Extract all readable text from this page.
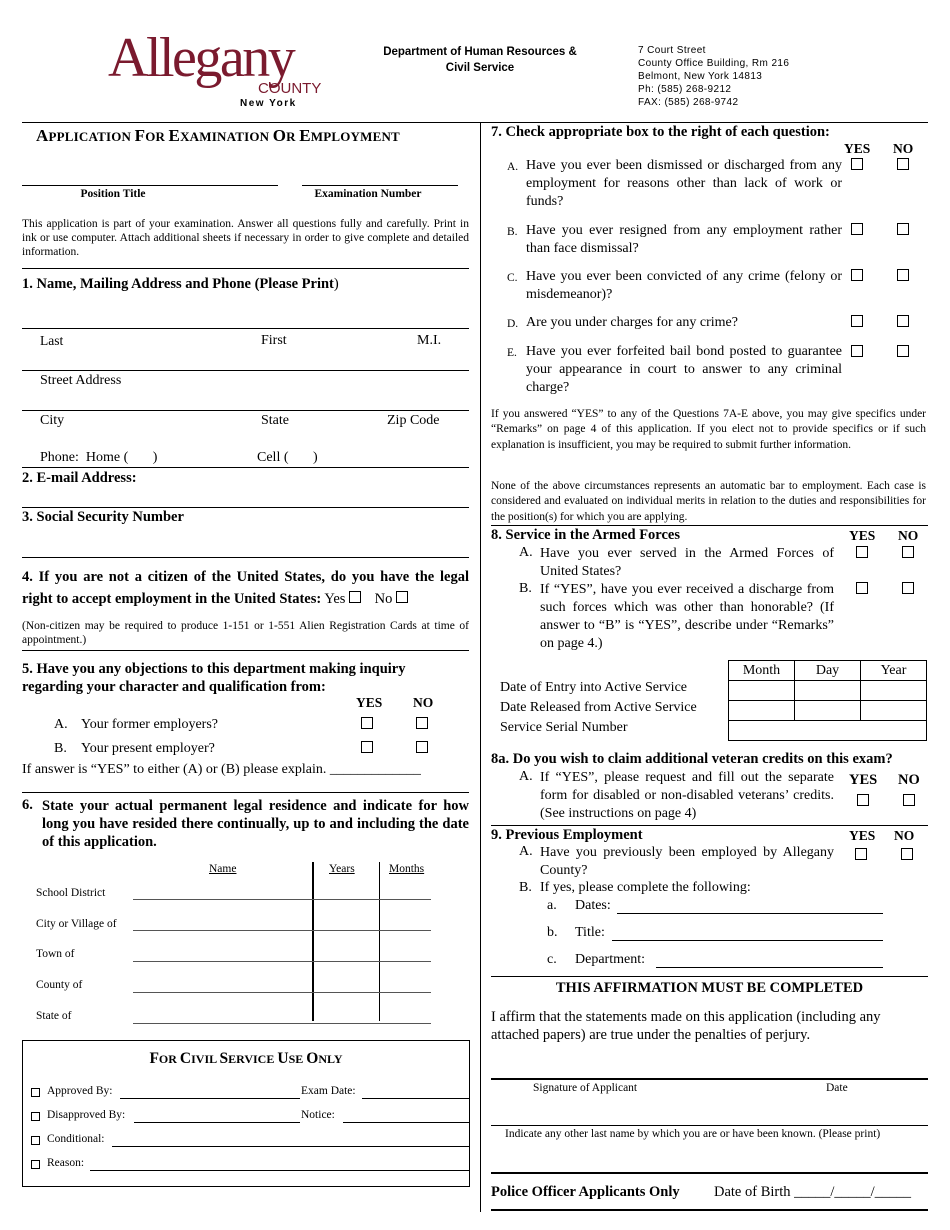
Allegany
COUNTY
New York
Department of Human Resources &
Civil Service
7 Court Street
County Office Building, Rm 216
Belmont, New York 14813
Ph: (585) 268-9212
FAX: (585) 268-9742
APPLICATION FOR EXAMINATION OR EMPLOYMENT
Position Title	Examination Number
This application is part of your examination. Answer all questions fully and carefully. Print in ink or use computer. Attach additional sheets if necessary in order to give complete and detailed information.
1. Name, Mailing Address and Phone (Please Print)
Last	First	M.I.
Street Address
City	State	Zip Code
Phone:  Home (       )	Cell (       )
2. E-mail Address:
3. Social Security Number
4. If you are not a citizen of the United States, do you have the legal right to accept employment in the United States: Yes No
(Non-citizen may be required to produce 1-151 or 1-551 Alien Registration Cards at time of appointment.)
5. Have you any objections to this department making inquiry regarding your character and qualification from:
YES NO
A. Your former employers?
B. Your present employer?
If answer is “YES” to either (A) or (B) please explain. _____________
6. State your actual permanent legal residence and indicate for how long you have resided there continually, up to and including the date of this application.
Name	Years	Months
School District
City or Village of
Town of
County of
State of
FOR CIVIL SERVICE USE ONLY
Approved By:	Exam Date:
Disapproved By:	Notice:
Conditional:
Reason:
7. Check appropriate box to the right of each question:
YES NO
A. Have you ever been dismissed or discharged from any employment for reasons other than lack of work or funds?
B. Have you ever resigned from any employment rather than face dismissal?
C. Have you ever been convicted of any crime (felony or misdemeanor)?
D. Are you under charges for any crime?
E. Have you ever forfeited bail bond posted to guarantee your appearance in court to answer to any criminal charge?
If you answered “YES” to any of the Questions 7A-E above, you may give specifics under “Remarks” on page 4 of this application. If you elect not to provide specifics or if such explanation is insufficient, you may be required to submit further information.
None of the above circumstances represents an automatic bar to employment. Each case is considered and evaluated on individual merits in relation to the duties and responsibilities for the position(s) for which you are applying.
8. Service in the Armed Forces	YES NO
A. Have you ever served in the Armed Forces of United States?
B. If “YES”, have you ever received a discharge from such forces which was other than honorable? (If answer to “B” is “YES”, describe under “Remarks” on page 4.)
Month	Day	Year

Date of Entry into Active Service
Date Released from Active Service
Service Serial Number
8a. Do you wish to claim additional veteran credits on this exam?
A. If “YES”, please request and fill out the separate form for disabled or non-disabled veterans’ credits. (See instructions on page 4)
YES NO
9. Previous Employment	YES NO
A. Have you previously been employed by Allegany County?
B. If yes, please complete the following:
a. Dates:
b. Title:
c. Department:
THIS AFFIRMATION MUST BE COMPLETED
I affirm that the statements made on this application (including any attached papers) are true under the penalties of perjury.
Signature of Applicant	Date
Indicate any other last name by which you are or have been known. (Please print)
Police Officer Applicants Only Date of Birth _____/_____/_____
